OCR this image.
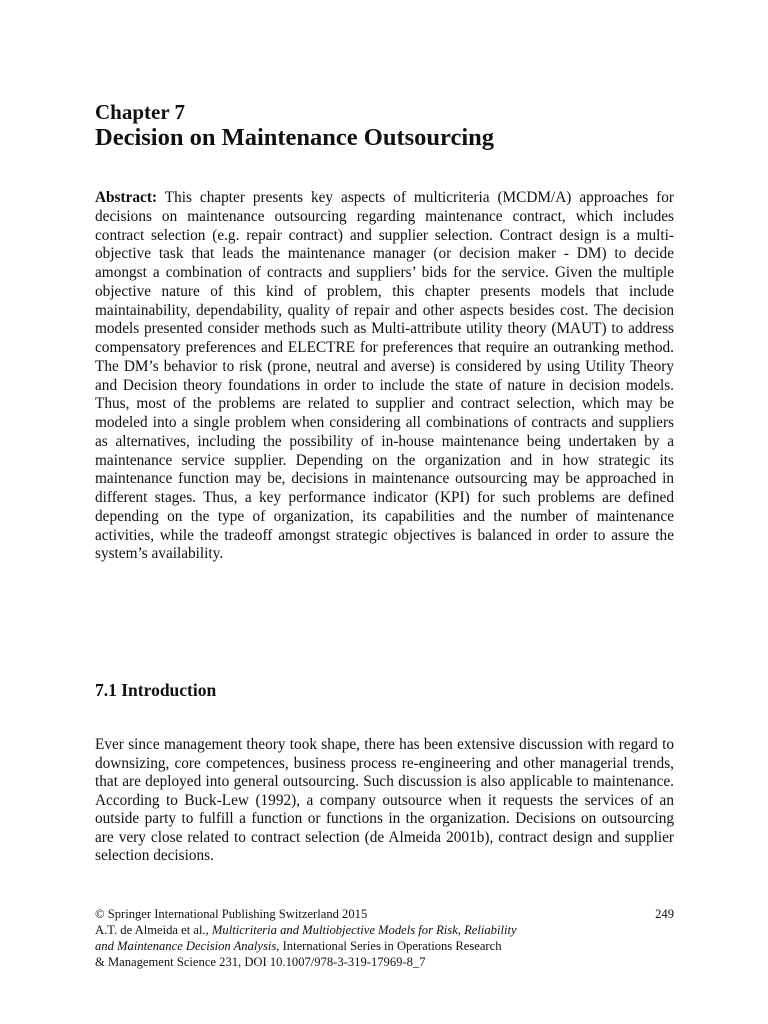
Chapter 7
Decision on Maintenance Outsourcing

Abstract: This chapter presents key aspects of multicriteria (MCDM/A) approaches for decisions on maintenance outsourcing regarding maintenance contract, which includes contract selection (e.g. repair contract) and supplier selection. Contract design is a multi-objective task that leads the maintenance manager (or decision maker - DM) to decide amongst a combination of contracts and suppliers’ bids for the service. Given the multiple objective nature of this kind of problem, this chapter presents models that include maintainability, dependability, quality of repair and other aspects besides cost. The decision models presented consider methods such as Multi-attribute utility theory (MAUT) to address compensatory preferences and ELECTRE for preferences that require an outranking method. The DM’s behavior to risk (prone, neutral and averse) is considered by using Utility Theory and Decision theory foundations in order to include the state of nature in decision models. Thus, most of the problems are related to supplier and contract selection, which may be modeled into a single problem when considering all combinations of contracts and suppliers as alternatives, including the possibility of in-house maintenance being undertaken by a maintenance service supplier. Depending on the organization and in how strategic its maintenance function may be, decisions in maintenance outsourcing may be approached in different stages. Thus, a key performance indicator (KPI) for such problems are defined depending on the type of organization, its capabilities and the number of maintenance activities, while the tradeoff amongst strategic objectives is balanced in order to assure the system’s availability.

7.1 Introduction

Ever since management theory took shape, there has been extensive discussion with regard to downsizing, core competences, business process re-engineering and other managerial trends, that are deployed into general outsourcing. Such discussion is also applicable to maintenance. According to Buck-Lew (1992), a company outsource when it requests the services of an outside party to fulfill a function or functions in the organization. Decisions on outsourcing are very close related to contract selection (de Almeida 2001b), contract design and supplier selection decisions.

249
© Springer International Publishing Switzerland 2015
A.T. de Almeida et al., Multicriteria and Multiobjective Models for Risk, Reliability
and Maintenance Decision Analysis, International Series in Operations Research
& Management Science 231, DOI 10.1007/978-3-319-17969-8_7
